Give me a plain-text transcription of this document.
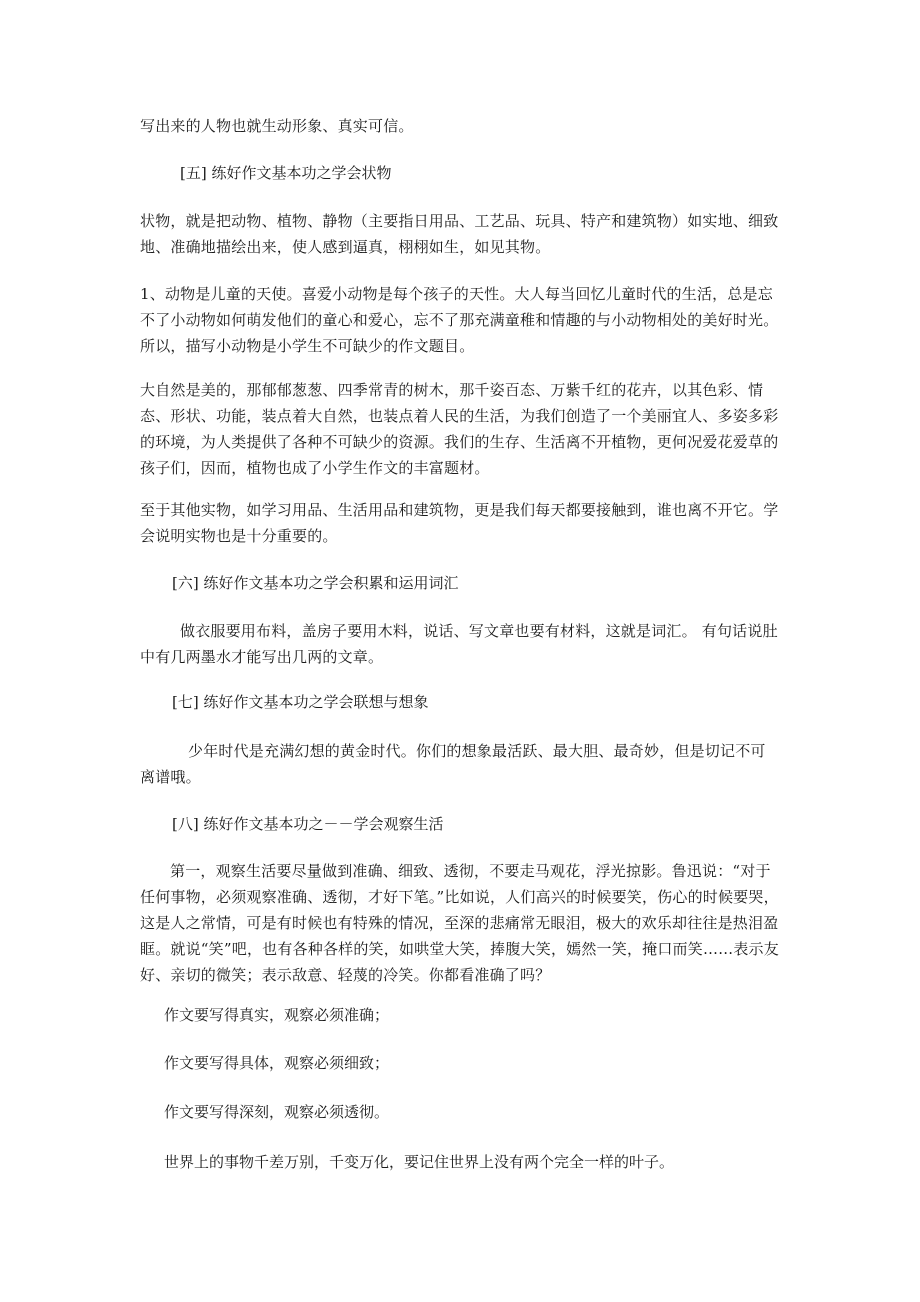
写出来的人物也就生动形象、真实可信。

[五] 练好作文基本功之学会状物

状物，就是把动物、植物、静物（主要指日用品、工艺品、玩具、特产和建筑物）如实地、细致地、准确地描绘出来，使人感到逼真，栩栩如生，如见其物。

1、动物是儿童的天使。喜爱小动物是每个孩子的天性。大人每当回忆儿童时代的生活，总是忘不了小动物如何萌发他们的童心和爱心，忘不了那充满童稚和情趣的与小动物相处的美好时光。所以，描写小动物是小学生不可缺少的作文题目。

大自然是美的，那郁郁葱葱、四季常青的树木，那千姿百态、万紫千红的花卉，以其色彩、情态、形状、功能，装点着大自然，也装点着人民的生活，为我们创造了一个美丽宜人、多姿多彩的环境，为人类提供了各种不可缺少的资源。我们的生存、生活离不开植物，更何况爱花爱草的孩子们，因而，植物也成了小学生作文的丰富题材。

至于其他实物，如学习用品、生活用品和建筑物，更是我们每天都要接触到，谁也离不开它。学会说明实物也是十分重要的。

[六] 练好作文基本功之学会积累和运用词汇

做衣服要用布料，盖房子要用木料，说话、写文章也要有材料，这就是词汇。 有句话说肚中有几两墨水才能写出几两的文章。

[七] 练好作文基本功之学会联想与想象

少年时代是充满幻想的黄金时代。你们的想象最活跃、最大胆、最奇妙，但是切记不可离谱哦。

[八] 练好作文基本功之－－学会观察生活

第一，观察生活要尽量做到准确、细致、透彻，不要走马观花，浮光掠影。鲁迅说：“对于任何事物，必须观察准确、透彻，才好下笔。”比如说，人们高兴的时候要笑，伤心的时候要哭，这是人之常情，可是有时候也有特殊的情况，至深的悲痛常无眼泪，极大的欢乐却往往是热泪盈眶。就说“笑”吧，也有各种各样的笑，如哄堂大笑，捧腹大笑，嫣然一笑，掩口而笑……表示友好、亲切的微笑；表示敌意、轻蔑的冷笑。你都看准确了吗？

作文要写得真实，观察必须准确；

作文要写得具体，观察必须细致；

作文要写得深刻，观察必须透彻。

世界上的事物千差万别，千变万化，要记住世界上没有两个完全一样的叶子。
